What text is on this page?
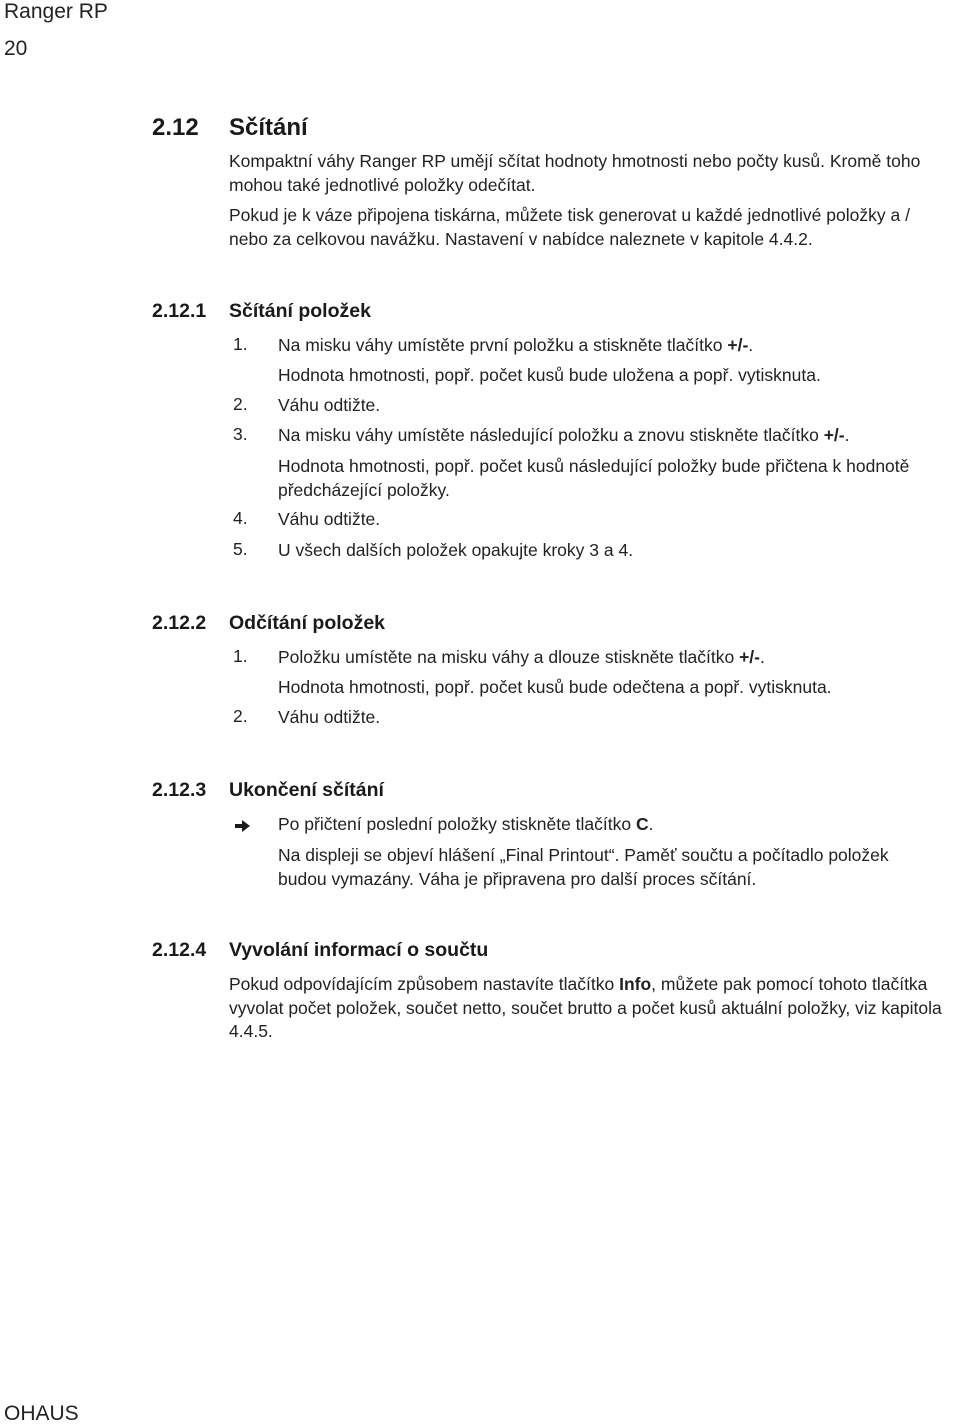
Ranger RP
20
2.12 Sčítání
Kompaktní váhy Ranger RP umějí sčítat hodnoty hmotnosti nebo počty kusů. Kromě toho mohou také jednotlivé položky odečítat.
Pokud je k váze připojena tiskárna, můžete tisk generovat u každé jednotlivé položky a / nebo za celkovou navážku. Nastavení v nabídce naleznete v kapitole 4.4.2.
2.12.1 Sčítání položek
1. Na misku váhy umístěte první položku a stiskněte tlačítko +/-.
Hodnota hmotnosti, popř. počet kusů bude uložena a popř. vytisknuta.
2. Váhu odtižte.
3. Na misku váhy umístěte následující položku a znovu stiskněte tlačítko +/-.
Hodnota hmotnosti, popř. počet kusů následující položky bude přičtena k hodnotě předcházející položky.
4. Váhu odtižte.
5. U všech dalších položek opakujte kroky 3 a 4.
2.12.2 Odčítání položek
1. Položku umístěte na misku váhy a dlouze stiskněte tlačítko +/-.
Hodnota hmotnosti, popř. počet kusů bude odečtena a popř. vytisknuta.
2. Váhu odtižte.
2.12.3 Ukončení sčítání
Po přičtení poslední položky stiskněte tlačítko C.
Na displeji se objeví hlášení „Final Printout“. Paměť součtu a počítadlo položek budou vymazány. Váha je připravena pro další proces sčítání.
2.12.4 Vyvolání informací o součtu
Pokud odpovídajícím způsobem nastavíte tlačítko Info, můžete pak pomocí tohoto tlačítka vyvolat počet položek, součet netto, součet brutto a počet kusů aktuální položky, viz kapitola 4.4.5.
OHAUS
